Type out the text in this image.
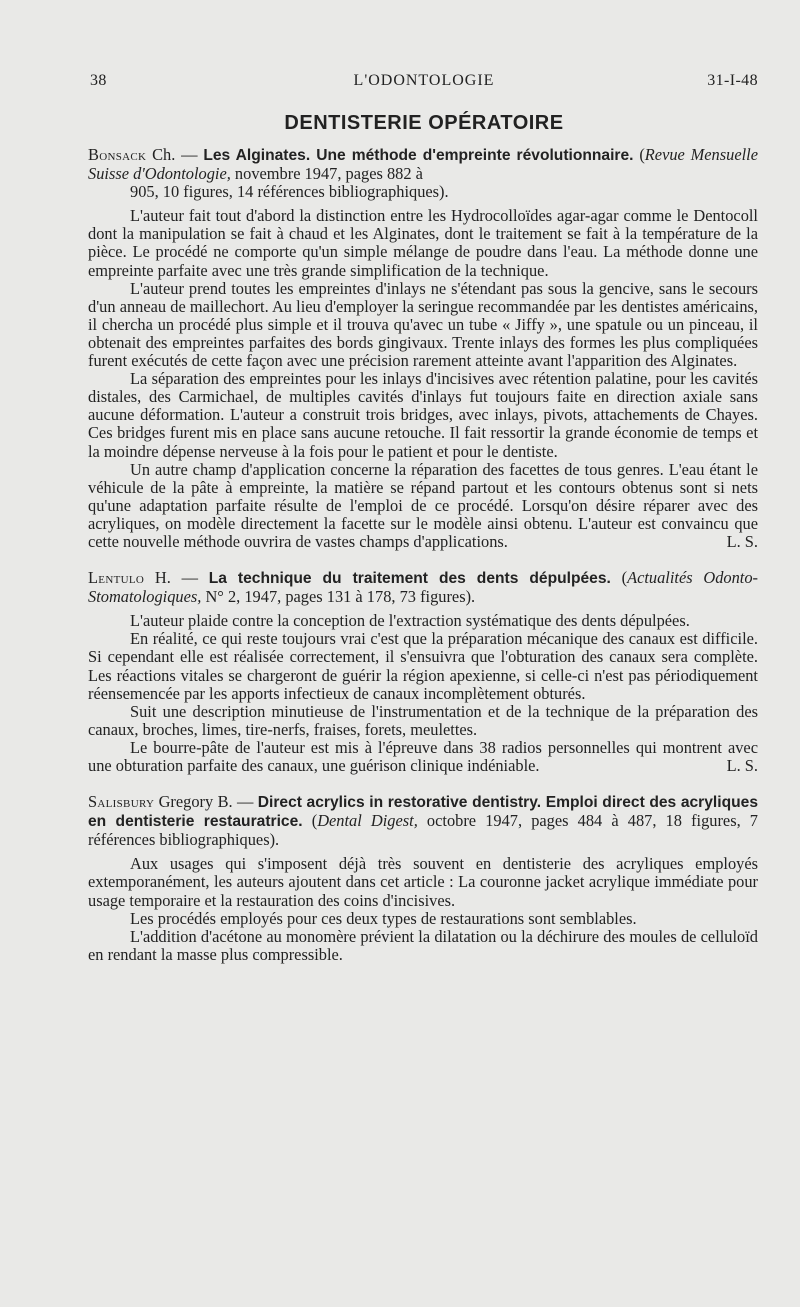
38	L'ODONTOLOGIE	31-I-48
DENTISTERIE OPÉRATOIRE

Bonsack Ch. — Les Alginates. Une méthode d'empreinte révolutionnaire. (Revue Mensuelle Suisse d'Odontologie, novembre 1947, pages 882 à
905, 10 figures, 14 références bibliographiques).

L'auteur fait tout d'abord la distinction entre les Hydrocolloïdes agar-agar comme le Dentocoll dont la manipulation se fait à chaud et les Alginates, dont le traitement se fait à la température de la pièce. Le procédé ne comporte qu'un simple mélange de poudre dans l'eau. La méthode donne une empreinte parfaite avec une très grande simplification de la technique.

L'auteur prend toutes les empreintes d'inlays ne s'étendant pas sous la gencive, sans le secours d'un anneau de maillechort. Au lieu d'employer la seringue recommandée par les dentistes américains, il chercha un procédé plus simple et il trouva qu'avec un tube « Jiffy », une spatule ou un pinceau, il obtenait des empreintes parfaites des bords gingivaux. Trente inlays des formes les plus compliquées furent exécutés de cette façon avec une précision rarement atteinte avant l'apparition des Alginates.

La séparation des empreintes pour les inlays d'incisives avec rétention palatine, pour les cavités distales, des Carmichael, de multiples cavités d'inlays fut toujours faite en direction axiale sans aucune déformation. L'auteur a construit trois bridges, avec inlays, pivots, attachements de Chayes. Ces bridges furent mis en place sans aucune retouche. Il fait ressortir la grande économie de temps et la moindre dépense nerveuse à la fois pour le patient et pour le dentiste.

Un autre champ d'application concerne la réparation des facettes de tous genres. L'eau étant le véhicule de la pâte à empreinte, la matière se répand partout et les contours obtenus sont si nets qu'une adaptation parfaite résulte de l'emploi de ce procédé. Lorsqu'on désire réparer avec des acryliques, on modèle directement la facette sur le modèle ainsi obtenu. L'auteur est convaincu que cette nouvelle méthode ouvrira de vastes champs d'applications.	L. S.

Lentulo H. — La technique du traitement des dents dépulpées. (Actualités Odonto-Stomatologiques, N° 2, 1947, pages 131 à 178, 73 figures).

L'auteur plaide contre la conception de l'extraction systématique des dents dépulpées.

En réalité, ce qui reste toujours vrai c'est que la préparation mécanique des canaux est difficile. Si cependant elle est réalisée correctement, il s'ensuivra que l'obturation des canaux sera complète. Les réactions vitales se chargeront de guérir la région apexienne, si celle-ci n'est pas périodiquement réensemencée par les apports infectieux de canaux incomplètement obturés.

Suit une description minutieuse de l'instrumentation et de la technique de la préparation des canaux, broches, limes, tire-nerfs, fraises, forets, meulettes.

Le bourre-pâte de l'auteur est mis à l'épreuve dans 38 radios personnelles qui montrent avec une obturation parfaite des canaux, une guérison clinique indéniable.	L. S.

Salisbury Gregory B. — Direct acrylics in restorative dentistry. Emploi direct des acryliques en dentisterie restauratrice. (Dental Digest, octobre 1947, pages 484 à 487, 18 figures, 7 références bibliographiques).

Aux usages qui s'imposent déjà très souvent en dentisterie des acryliques employés extemporanément, les auteurs ajoutent dans cet article : La couronne jacket acrylique immédiate pour usage temporaire et la restauration des coins d'incisives.

Les procédés employés pour ces deux types de restaurations sont semblables.

L'addition d'acétone au monomère prévient la dilatation ou la déchirure des moules de celluloïd en rendant la masse plus compressible.
